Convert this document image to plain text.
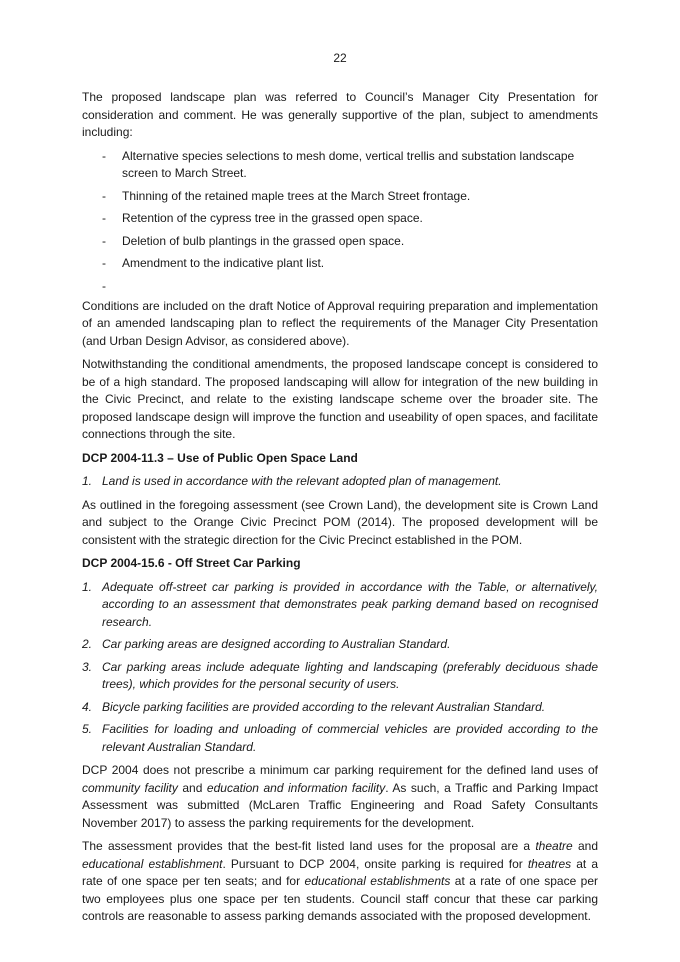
22

The proposed landscape plan was referred to Council’s Manager City Presentation for consideration and comment. He was generally supportive of the plan, subject to amendments including:

- Alternative species selections to mesh dome, vertical trellis and substation landscape screen to March Street.
- Thinning of the retained maple trees at the March Street frontage.
- Retention of the cypress tree in the grassed open space.
- Deletion of bulb plantings in the grassed open space.
- Amendment to the indicative plant list.
-

Conditions are included on the draft Notice of Approval requiring preparation and implementation of an amended landscaping plan to reflect the requirements of the Manager City Presentation (and Urban Design Advisor, as considered above).

Notwithstanding the conditional amendments, the proposed landscape concept is considered to be of a high standard. The proposed landscaping will allow for integration of the new building in the Civic Precinct, and relate to the existing landscape scheme over the broader site. The proposed landscape design will improve the function and useability of open spaces, and facilitate connections through the site.

DCP 2004-11.3 – Use of Public Open Space Land
1. Land is used in accordance with the relevant adopted plan of management.

As outlined in the foregoing assessment (see Crown Land), the development site is Crown Land and subject to the Orange Civic Precinct POM (2014). The proposed development will be consistent with the strategic direction for the Civic Precinct established in the POM.

DCP 2004-15.6 - Off Street Car Parking
1. Adequate off-street car parking is provided in accordance with the Table, or alternatively, according to an assessment that demonstrates peak parking demand based on recognised research.
2. Car parking areas are designed according to Australian Standard.
3. Car parking areas include adequate lighting and landscaping (preferably deciduous shade trees), which provides for the personal security of users.
4. Bicycle parking facilities are provided according to the relevant Australian Standard.
5. Facilities for loading and unloading of commercial vehicles are provided according to the relevant Australian Standard.

DCP 2004 does not prescribe a minimum car parking requirement for the defined land uses of community facility and education and information facility. As such, a Traffic and Parking Impact Assessment was submitted (McLaren Traffic Engineering and Road Safety Consultants November 2017) to assess the parking requirements for the development.

The assessment provides that the best-fit listed land uses for the proposal are a theatre and educational establishment. Pursuant to DCP 2004, onsite parking is required for theatres at a rate of one space per ten seats; and for educational establishments at a rate of one space per two employees plus one space per ten students. Council staff concur that these car parking controls are reasonable to assess parking demands associated with the proposed development.
